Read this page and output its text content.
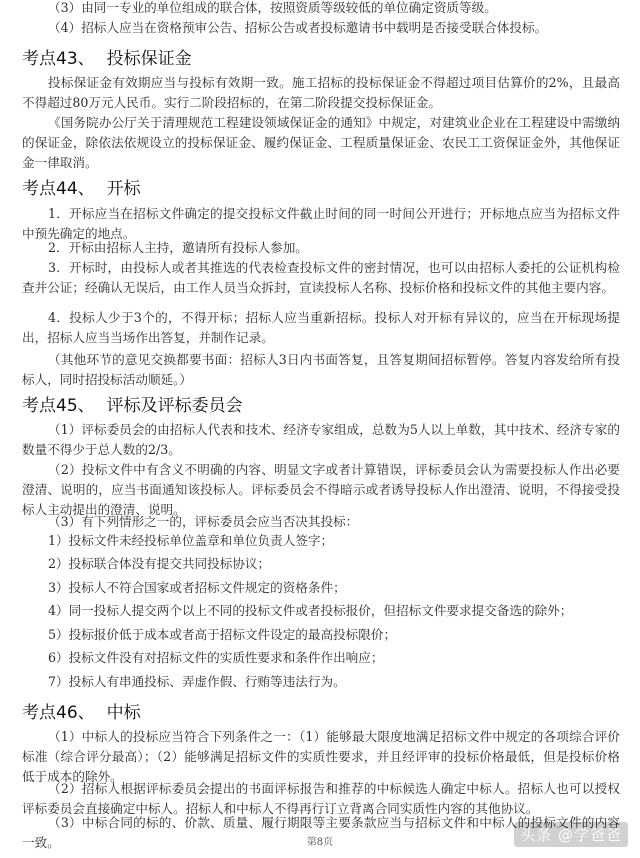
（3）由同一专业的单位组成的联合体，按照资质等级较低的单位确定资质等级。

（4）招标人应当在资格预审公告、招标公告或者投标邀请书中载明是否接受联合体投标。

考点43、 投标保证金

投标保证金有效期应当与投标有效期一致。施工招标的投标保证金不得超过项目估算价的2%，且最高不得超过80万元人民币。实行二阶段招标的，在第二阶段提交投标保证金。

《国务院办公厅关于清理规范工程建设领域保证金的通知》中规定，对建筑业企业在工程建设中需缴纳的保证金，除依法依规设立的投标保证金、履约保证金、工程质量保证金、农民工工资保证金外，其他保证金一律取消。

考点44、 开标

1．开标应当在招标文件确定的提交投标文件截止时间的同一时间公开进行；开标地点应当为招标文件中预先确定的地点。

2．开标由招标人主持，邀请所有投标人参加。

3．开标时，由投标人或者其推选的代表检查投标文件的密封情况，也可以由招标人委托的公证机构检查并公证；经确认无误后，由工作人员当众拆封，宣读投标人名称、投标价格和投标文件的其他主要内容。

4．投标人少于3个的，不得开标；招标人应当重新招标。投标人对开标有异议的，应当在开标现场提出，招标人应当当场作出答复，并制作记录。

（其他环节的意见交换都要书面：招标人3日内书面答复，且答复期间招标暂停。答复内容发给所有投标人，同时招投标活动顺延。）

考点45、 评标及评标委员会

（1）评标委员会的由招标人代表和技术、经济专家组成，总数为5人以上单数，其中技术、经济专家的数量不得少于总人数的2/3。

（2）投标文件中有含义不明确的内容、明显文字或者计算错误，评标委员会认为需要投标人作出必要澄清、说明的，应当书面通知该投标人。评标委员会不得暗示或者诱导投标人作出澄清、说明，不得接受投标人主动提出的澄清、说明。

（3）有下列情形之一的，评标委员会应当否决其投标：

1）投标文件未经投标单位盖章和单位负责人签字；
2）投标联合体没有提交共同投标协议；
3）投标人不符合国家或者招标文件规定的资格条件；
4）同一投标人提交两个以上不同的投标文件或者投标报价，但招标文件要求提交备选的除外；
5）投标报价低于成本或者高于招标文件设定的最高投标限价；
6）投标文件没有对招标文件的实质性要求和条件作出响应；
7）投标人有串通投标、弄虚作假、行贿等违法行为。
考点46、 中标

（1）中标人的投标应当符合下列条件之一：（1）能够最大限度地满足招标文件中规定的各项综合评价标准（综合评分最高）；（2）能够满足招标文件的实质性要求，并且经评审的投标价格最低，但是投标价格低于成本的除外。

（2）招标人根据评标委员会提出的书面评标报告和推荐的中标候选人确定中标人。招标人也可以授权评标委员会直接确定中标人。招标人和中标人不得再行订立背离合同实质性内容的其他协议。

（3）中标合同的标的、价款、质量、履行期限等主要条款应当与招标文件和中标人的投标文件的内容一致。	第8页	头条 @学爸爸
